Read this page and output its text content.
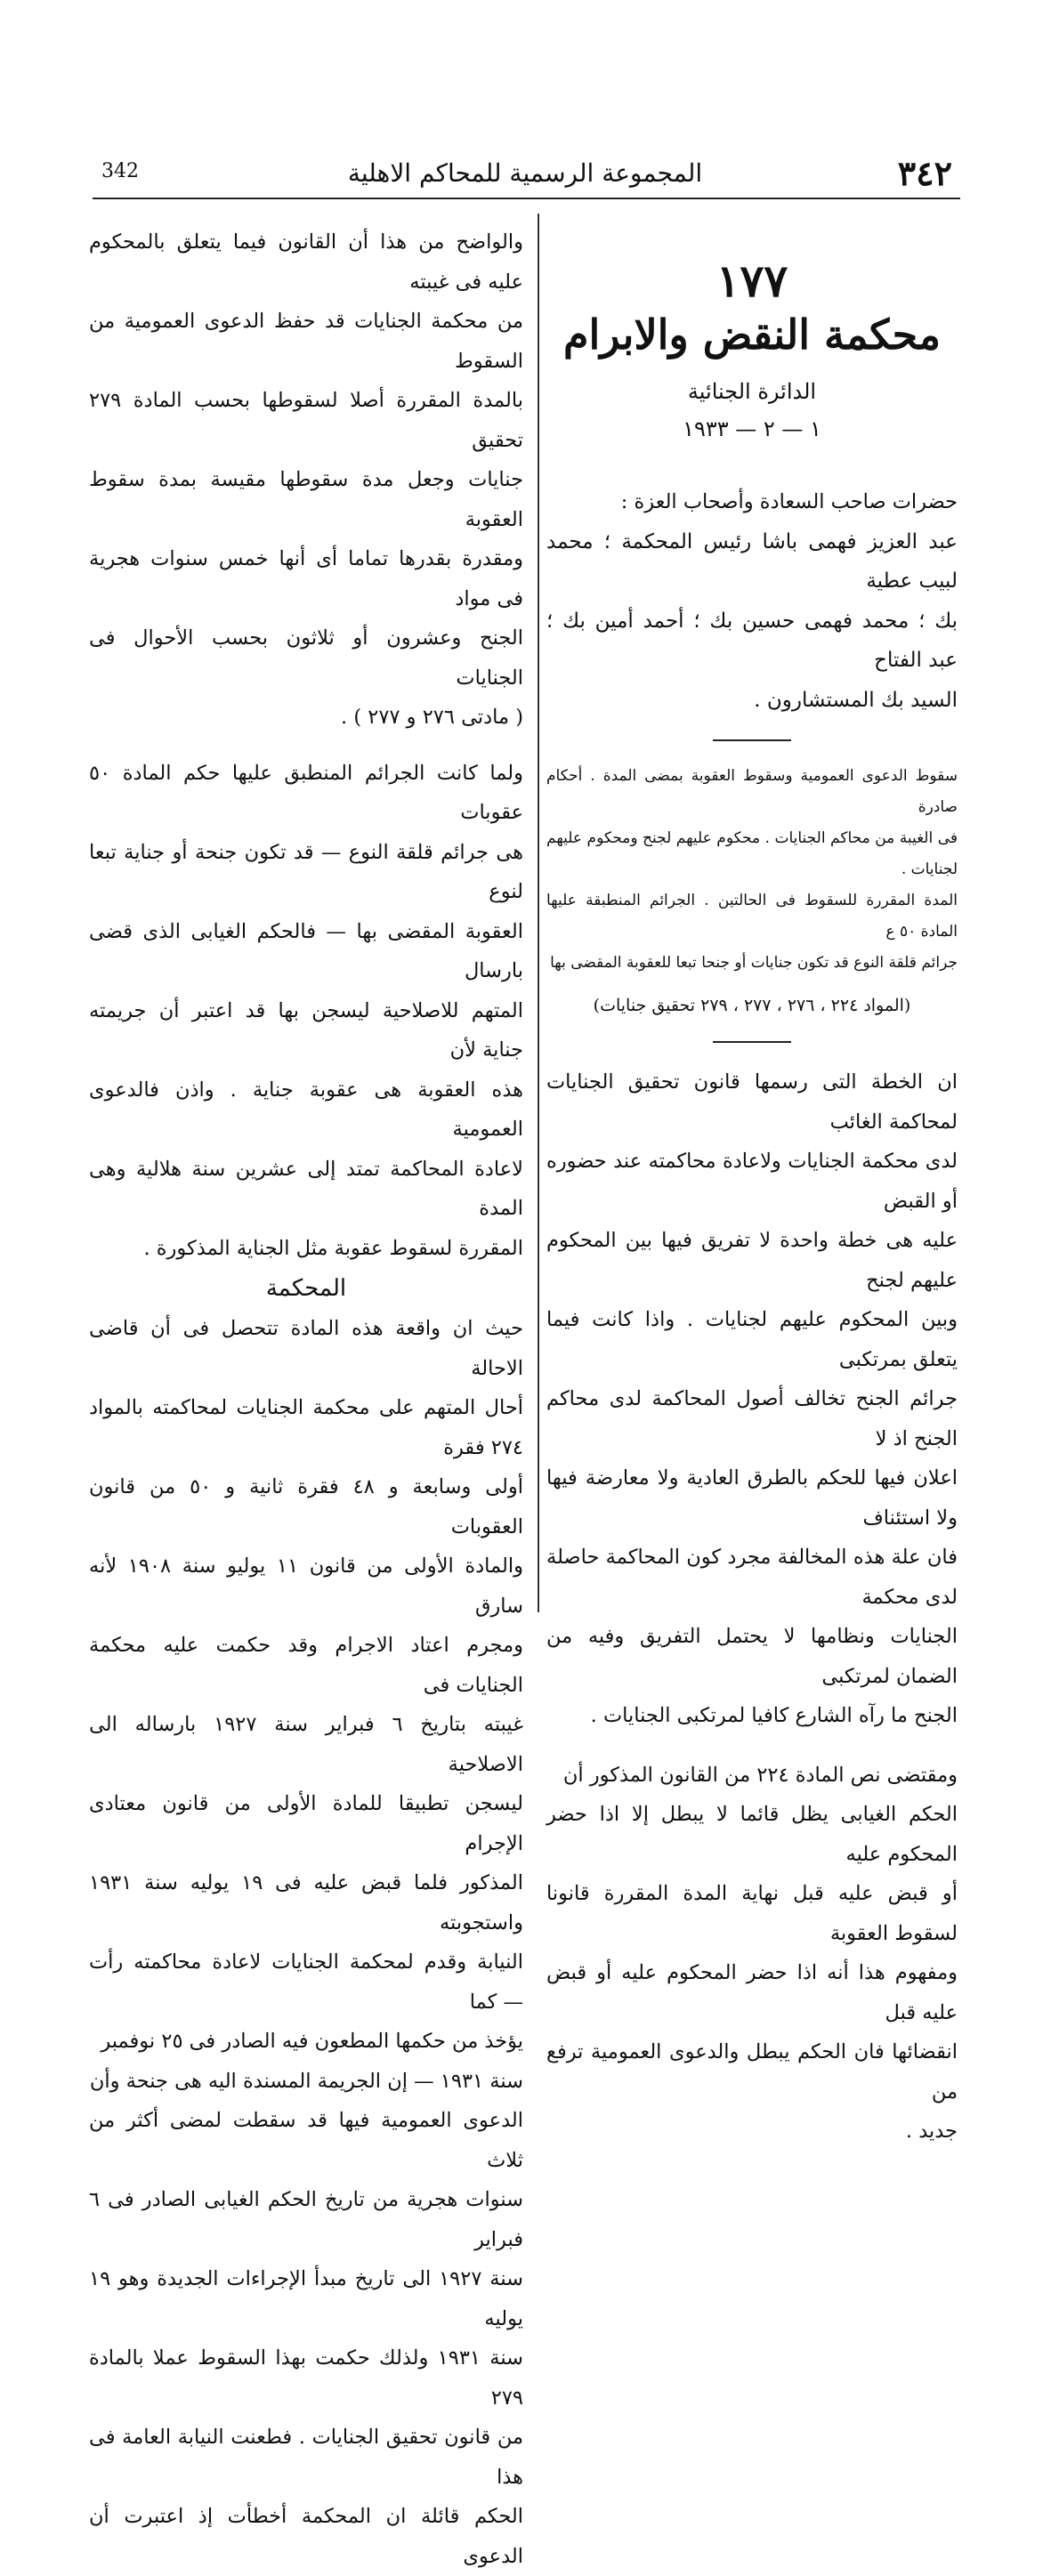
342	المجموعة الرسمية للمحاكم الاهلية	٣٤٢
١٧٧
محكمة النقض والابرام
الدائرة الجنائية
١ — ٢ — ١٩٣٣

حضرات صاحب السعادة وأصحاب العزة :

عبد العزيز فهمى باشا رئيس المحكمة ؛ محمد لبيب عطية

بك ؛ محمد فهمى حسين بك ؛ أحمد أمين بك ؛ عبد الفتاح

السيد بك المستشارون .

سقوط الدعوى العمومية وسقوط العقوبة بمضى المدة . أحكام صادرة

فى الغيبة من محاكم الجنايات . محكوم عليهم لجنح ومحكوم عليهم لجنايات .

المدة المقررة للسقوط فى الحالتين . الجرائم المنطبقة عليها المادة ٥٠ ع

جرائم قلقة النوع قد تكون جنايات أو جنحا تبعا للعقوبة المقضى بها

(المواد ٢٢٤ ، ٢٧٦ ، ٢٧٧ ، ٢٧٩ تحقيق جنايات)

ان الخطة التى رسمها قانون تحقيق الجنايات لمحاكمة الغائب

لدى محكمة الجنايات ولاعادة محاكمته عند حضوره أو القبض

عليه هى خطة واحدة لا تفريق فيها بين المحكوم عليهم لجنح

وبين المحكوم عليهم لجنايات . واذا كانت فيما يتعلق بمرتكبى

جرائم الجنح تخالف أصول المحاكمة لدى محاكم الجنح اذ لا

اعلان فيها للحكم بالطرق العادية ولا معارضة فيها ولا استئناف

فان علة هذه المخالفة مجرد كون المحاكمة حاصلة لدى محكمة

الجنايات ونظامها لا يحتمل التفريق وفيه من الضمان لمرتكبى

الجنح ما رآه الشارع كافيا لمرتكبى الجنايات .

ومقتضى نص المادة ٢٢٤ من القانون المذكور أن

الحكم الغيابى يظل قائما لا يبطل إلا اذا حضر المحكوم عليه

أو قبض عليه قبل نهاية المدة المقررة قانونا لسقوط العقوبة

ومفهوم هذا أنه اذا حضر المحكوم عليه أو قبض عليه قبل

انقضائها فان الحكم يبطل والدعوى العمومية ترفع من

جديد .

والواضح من هذا أن القانون فيما يتعلق بالمحكوم عليه فى غيبته

من محكمة الجنايات قد حفظ الدعوى العمومية من السقوط

بالمدة المقررة أصلا لسقوطها بحسب المادة ٢٧٩ تحقيق

جنايات وجعل مدة سقوطها مقيسة بمدة سقوط العقوبة

ومقدرة بقدرها تماما أى أنها خمس سنوات هجرية فى مواد

الجنح وعشرون أو ثلاثون بحسب الأحوال فى الجنايات

( مادتى ٢٧٦ و ٢٧٧ ) .

ولما كانت الجرائم المنطبق عليها حكم المادة ٥٠ عقوبات

هى جرائم قلقة النوع — قد تكون جنحة أو جناية تبعا لنوع

العقوبة المقضى بها — فالحكم الغيابى الذى قضى بارسال

المتهم للاصلاحية ليسجن بها قد اعتبر أن جريمته جناية لأن

هذه العقوبة هى عقوبة جناية . واذن فالدعوى العمومية

لاعادة المحاكمة تمتد إلى عشرين سنة هلالية وهى المدة

المقررة لسقوط عقوبة مثل الجناية المذكورة .

المحكمة

حيث ان واقعة هذه المادة تتحصل فى أن قاضى الاحالة

أحال المتهم على محكمة الجنايات لمحاكمته بالمواد ٢٧٤ فقرة

أولى وسابعة و ٤٨ فقرة ثانية و ٥٠ من قانون العقوبات

والمادة الأولى من قانون ١١ يوليو سنة ١٩٠٨ لأنه سارق

ومجرم اعتاد الاجرام وقد حكمت عليه محكمة الجنايات فى

غيبته بتاريخ ٦ فبراير سنة ١٩٢٧ بارساله الى الاصلاحية

ليسجن تطبيقا للمادة الأولى من قانون معتادى الإجرام

المذكور فلما قبض عليه فى ١٩ يوليه سنة ١٩٣١ واستجوبته

النيابة وقدم لمحكمة الجنايات لاعادة محاكمته رأت — كما

يؤخذ من حكمها المطعون فيه الصادر فى ٢٥ نوفمبر

سنة ١٩٣١ — إن الجريمة المسندة اليه هى جنحة وأن

الدعوى العمومية فيها قد سقطت لمضى أكثر من ثلاث

سنوات هجرية من تاريخ الحكم الغيابى الصادر فى ٦ فبراير

سنة ١٩٢٧ الى تاريخ مبدأ الإجراءات الجديدة وهو ١٩ يوليه

سنة ١٩٣١ ولذلك حكمت بهذا السقوط عملا بالمادة ٢٧٩

من قانون تحقيق الجنايات . فطعنت النيابة العامة فى هذا

الحكم قائلة ان المحكمة أخطأت إذ اعتبرت أن الدعوى
